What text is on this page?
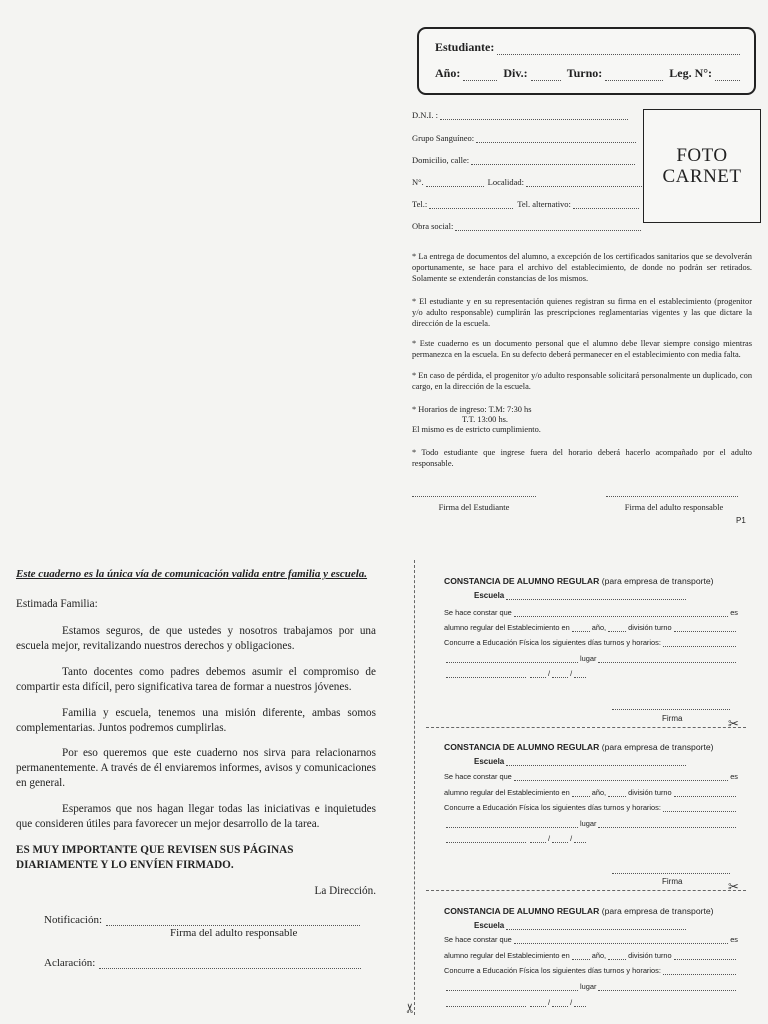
Estudiante:
Año:	Div.:	Turno:	Leg. N°:
D.N.I. :
Grupo Sanguíneo:
Domicilio, calle:
N°.	Localidad:
Tel.:	Tel. alternativo:
Obra social:
FOTO
CARNET

* La entrega de documentos del alumno, a excepción de los certificados sanitarios que se devolverán oportunamente, se hace para el archivo del establecimiento, de donde no podrán ser retirados. Solamente se extenderán constancias de los mismos.

* El estudiante y en su representación quienes registran su firma en el establecimiento (progenitor y/o adulto responsable) cumplirán las prescripciones reglamentarias vigentes y las que dictare la dirección de la escuela.

* Este cuaderno es un documento personal que el alumno debe llevar siempre consigo mientras permanezca en la escuela. En su defecto deberá permanecer en el establecimiento con media falta.

* En caso de pérdida, el progenitor y/o adulto responsable solicitará personalmente un duplicado, con cargo, en la dirección de la escuela.

* Horarios de ingreso: T.M: 7:30 hs

T.T. 13:00 hs.

El mismo es de estricto cumplimiento.

* Todo estudiante que ingrese fuera del horario deberá hacerlo acompañado por el adulto responsable.

Firma del Estudiante	Firma del adulto responsable
P1
Este cuaderno es la única vía de comunicación valida entre familia y escuela.

Estimada Familia:

Estamos seguros, de que ustedes y nosotros trabajamos por una escuela mejor, revitalizando nuestros derechos y obligaciones.

Tanto docentes como padres debemos asumir el compromiso de compartir esta difícil, pero significativa tarea de formar a nuestros jóvenes.

Familia y escuela, tenemos una misión diferente, ambas somos complementarias. Juntos podremos cumplirlas.

Por eso queremos que este cuaderno nos sirva para relacionarnos permanentemente. A través de él enviaremos informes, avisos y comunicaciones en general.

Esperamos que nos hagan llegar todas las iniciativas e inquietudes que consideren útiles para favorecer un mejor desarrollo de la tarea.

ES MUY IMPORTANTE QUE REVISEN SUS PÁGINAS DIARIAMENTE Y LO ENVÍEN FIRMADO.

La Dirección.

Notificación:
Firma del adulto responsable
Aclaración:
✂
CONSTANCIA DE ALUMNO REGULAR (para empresa de transporte)
Escuela
Se hace constar que	es
alumno regular del Establecimiento en	año,	división turno
Concurre a Educación Física los siguientes días turnos y horarios:
lugar
/	/
Firma	✂
CONSTANCIA DE ALUMNO REGULAR (para empresa de transporte)
Escuela
Se hace constar que	es
alumno regular del Establecimiento en	año,	división turno
Concurre a Educación Física los siguientes días turnos y horarios:
lugar
/	/
Firma	✂
CONSTANCIA DE ALUMNO REGULAR (para empresa de transporte)
Escuela
Se hace constar que	es
alumno regular del Establecimiento en	año,	división turno
Concurre a Educación Física los siguientes días turnos y horarios:
lugar
/	/
